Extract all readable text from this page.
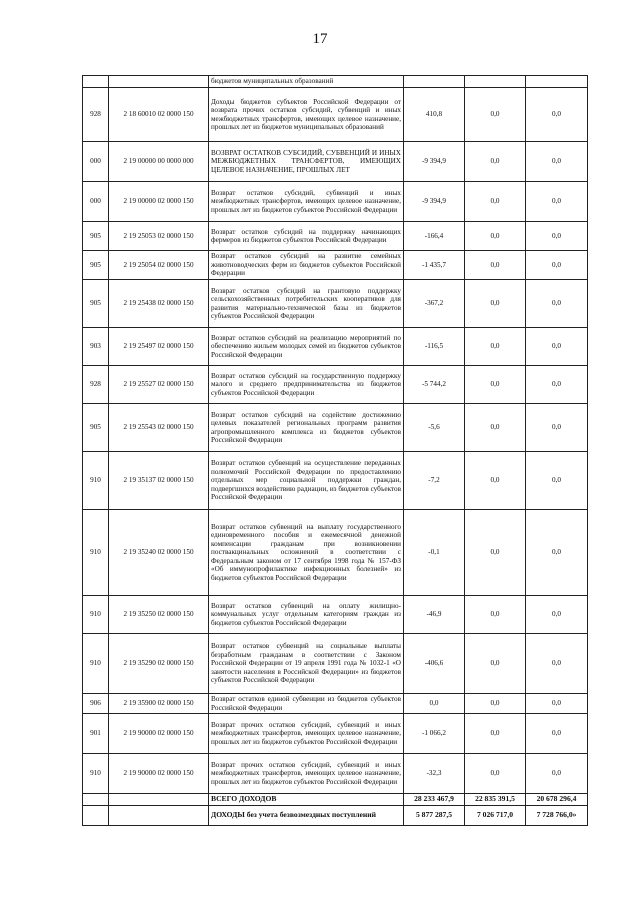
17
		бюджетов муниципальных образований			
928	2 18 60010 02 0000 150	Доходы бюджетов субъектов Российской Федерации от возврата прочих остатков субсидий, субвенций и иных межбюджетных трансфертов, имеющих целевое назначение, прошлых лет из бюджетов муниципальных образований	410,8	0,0	0,0
000	2 19 00000 00 0000 000	ВОЗВРАТ ОСТАТКОВ СУБСИДИЙ, СУБВЕНЦИЙ И ИНЫХ МЕЖБЮДЖЕТНЫХ ТРАНСФЕРТОВ, ИМЕЮЩИХ ЦЕЛЕВОЕ НАЗНАЧЕНИЕ, ПРОШЛЫХ ЛЕТ	-9 394,9	0,0	0,0
000	2 19 00000 02 0000 150	Возврат остатков субсидий, субвенций и иных межбюджетных трансфертов, имеющих целевое назначение, прошлых лет из бюджетов субъектов Российской Федерации	-9 394,9	0,0	0,0
905	2 19 25053 02 0000 150	Возврат остатков субсидий на поддержку начинающих фермеров из бюджетов субъектов Российской Федерации	-166,4	0,0	0,0
905	2 19 25054 02 0000 150	Возврат остатков субсидий на развитие семейных животноводческих ферм из бюджетов субъектов Российской Федерации	-1 435,7	0,0	0,0
905	2 19 25438 02 0000 150	Возврат остатков субсидий на грантовую поддержку сельскохозяйственных потребительских кооперативов для развития материально-технической базы из бюджетов субъектов Российской Федерации	-367,2	0,0	0,0
903	2 19 25497 02 0000 150	Возврат остатков субсидий на реализацию мероприятий по обеспечению жильем молодых семей из бюджетов субъектов Российской Федерации	-116,5	0,0	0,0
928	2 19 25527 02 0000 150	Возврат остатков субсидий на государственную поддержку малого и среднего предпринимательства из бюджетов субъектов Российской Федерации	-5 744,2	0,0	0,0
905	2 19 25543 02 0000 150	Возврат остатков субсидий на содействие достижению целевых показателей региональных программ развития агропромышленного комплекса из бюджетов субъектов Российской Федерации	-5,6	0,0	0,0
910	2 19 35137 02 0000 150	Возврат остатков субвенций на осуществление переданных полномочий Российской Федерации по предоставлению отдельных мер социальной поддержки граждан, подвергшихся воздействию радиации, из бюджетов субъектов Российской Федерации	-7,2	0,0	0,0
910	2 19 35240 02 0000 150	Возврат остатков субвенций на выплату государственного единовременного пособия и ежемесячной денежной компенсации гражданам при возникновении поствакцинальных осложнений в соответствии с Федеральным законом от 17 сентября 1998 года № 157-ФЗ «Об иммунопрофилактике инфекционных болезней» из бюджетов субъектов Российской Федерации	-0,1	0,0	0,0
910	2 19 35250 02 0000 150	Возврат остатков субвенций на оплату жилищно-коммунальных услуг отдельным категориям граждан из бюджетов субъектов Российской Федерации	-46,9	0,0	0,0
910	2 19 35290 02 0000 150	Возврат остатков субвенций на социальные выплаты безработным гражданам в соответствии с Законом Российской Федерации от 19 апреля 1991 года № 1032-1 «О занятости населения в Российской Федерации» из бюджетов субъектов Российской Федерации	-406,6	0,0	0,0
906	2 19 35900 02 0000 150	Возврат остатков единой субвенции из бюджетов субъектов Российской Федерации	0,0	0,0	0,0
901	2 19 90000 02 0000 150	Возврат прочих остатков субсидий, субвенций и иных межбюджетных трансфертов, имеющих целевое назначение, прошлых лет из бюджетов субъектов Российской Федерации	-1 066,2	0,0	0,0
910	2 19 90000 02 0000 150	Возврат прочих остатков субсидий, субвенций и иных межбюджетных трансфертов, имеющих целевое назначение, прошлых лет из бюджетов субъектов Российской Федерации	-32,3	0,0	0,0
		ВСЕГО ДОХОДОВ	28 233 467,9	22 835 391,5	20 678 296,4
		ДОХОДЫ без учета безвозмездных поступлений	5 877 287,5	7 026 717,0	7 728 766,0»
